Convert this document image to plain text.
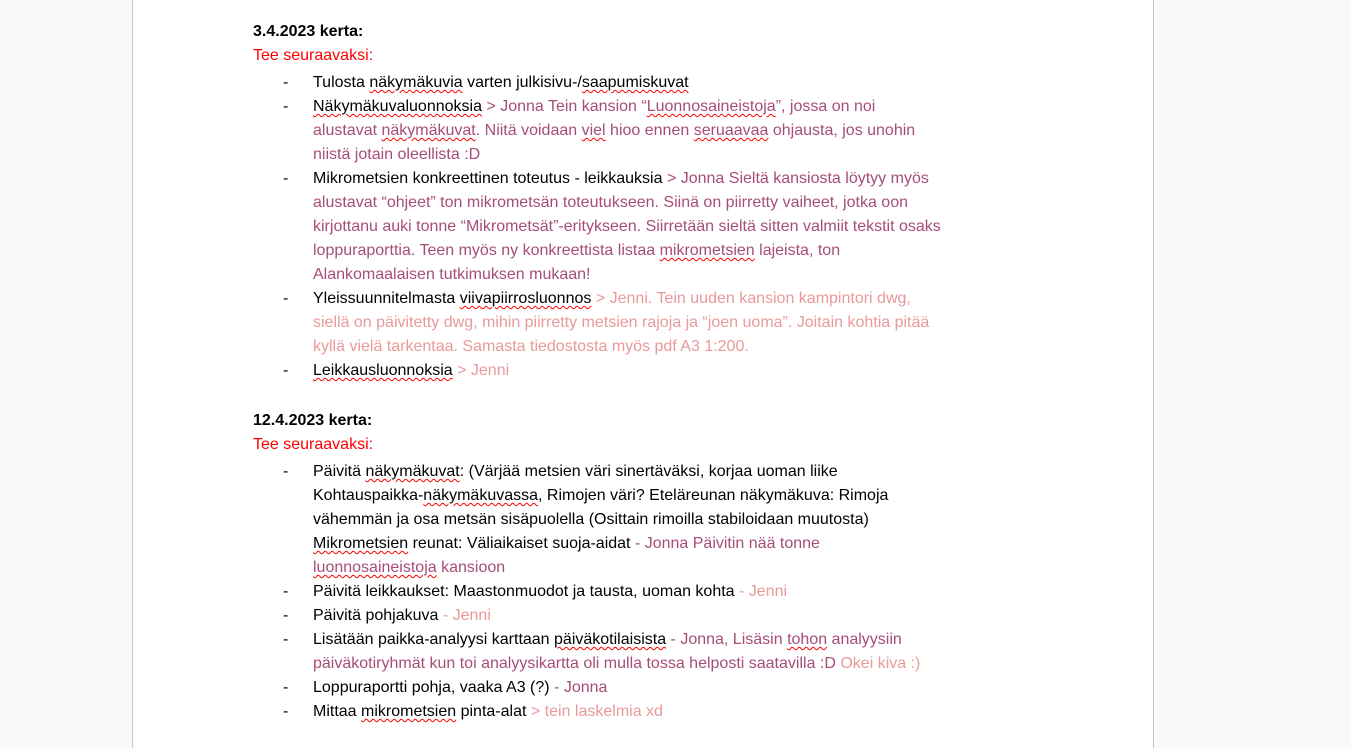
3.4.2023 kerta:
Tee seuraavaksi:
- Tulosta näkymäkuvia varten julkisivu-/saapumiskuvat
- Näkymäkuvaluonnoksia > Jonna Tein kansion “Luonnosaineistoja”, jossa on noi
alustavat näkymäkuvat. Niitä voidaan viel hioo ennen seruaavaa ohjausta, jos unohin
niistä jotain oleellista :D
- Mikrometsien konkreettinen toteutus - leikkauksia > Jonna Sieltä kansiosta löytyy myös
alustavat “ohjeet” ton mikrometsän toteutukseen. Siinä on piirretty vaiheet, jotka oon
kirjottanu auki tonne “Mikrometsät”-eritykseen. Siirretään sieltä sitten valmiit tekstit osaks
loppuraporttia. Teen myös ny konkreettista listaa mikrometsien lajeista, ton
Alankomaalaisen tutkimuksen mukaan!
- Yleissuunnitelmasta viivapiirrosluonnos > Jenni. Tein uuden kansion kampintori dwg,
siellä on päivitetty dwg, mihin piirretty metsien rajoja ja “joen uoma”. Joitain kohtia pitää
kyllä vielä tarkentaa. Samasta tiedostosta myös pdf A3 1:200.
- Leikkausluonnoksia > Jenni
12.4.2023 kerta:
Tee seuraavaksi:
- Päivitä näkymäkuvat: (Värjää metsien väri sinertäväksi, korjaa uoman liike
Kohtauspaikka-näkymäkuvassa, Rimojen väri? Eteläreunan näkymäkuva: Rimoja
vähemmän ja osa metsän sisäpuolella (Osittain rimoilla stabiloidaan muutosta)
Mikrometsien reunat: Väliaikaiset suoja-aidat - Jonna Päivitin nää tonne
luonnosaineistoja kansioon
- Päivitä leikkaukset: Maastonmuodot ja tausta, uoman kohta - Jenni
- Päivitä pohjakuva - Jenni
- Lisätään paikka-analyysi karttaan päiväkotilaisista - Jonna, Lisäsin tohon analyysiin
päiväkotiryhmät kun toi analyysikartta oli mulla tossa helposti saatavilla :D Okei kiva :)
- Loppuraportti pohja, vaaka A3 (?) - Jonna
- Mittaa mikrometsien pinta-alat > tein laskelmia xd
